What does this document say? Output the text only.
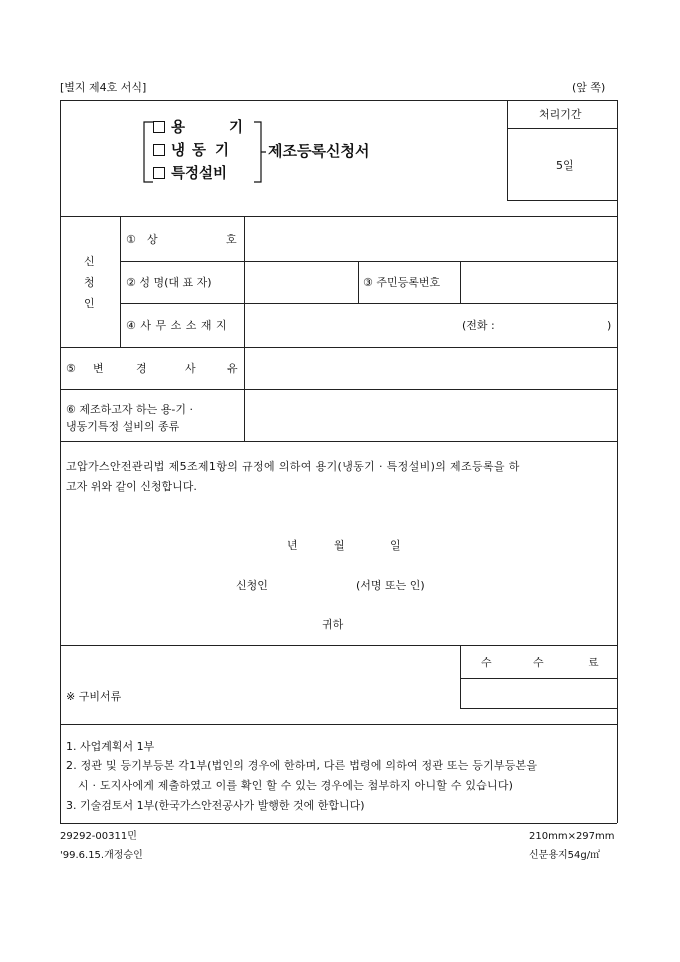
[별지 제4호 서식]	(앞 쪽)
용	기
냉동 기
특정설비
제조등록신청서
처리기간
5일
신
청
인
① 상	호
② 성 명(대 표 자)	③ 주민등록번호
④ 사 무 소 소 재 지	(전화 :	)
⑤ 변	경	사	유
⑥ 제조하고자 하는 용-기 ·
냉동기특정 설비의 종류
고압가스안전관리법 제5조제1항의 규정에 의하여 용기(냉동기 · 특정설비)의 제조등록을 하
고자 위와 같이 신청합니다.
년	월	일
신청인	(서명 또는 인)
귀하
수	수	료
※ 구비서류
1. 사업계획서 1부
2. 정관 및 등기부등본 각1부(법인의 경우에 한하며, 다른 법령에 의하여 정관 또는 등기부등본을
시 · 도지사에게 제출하였고 이를 확인 할 수 있는 경우에는 첨부하지 아니할 수 있습니다)
3. 기술검토서 1부(한국가스안전공사가 발행한 것에 한합니다)
29292-00311민
'99.6.15.개정승인
210mm×297mm
신문용지54g/㎡
